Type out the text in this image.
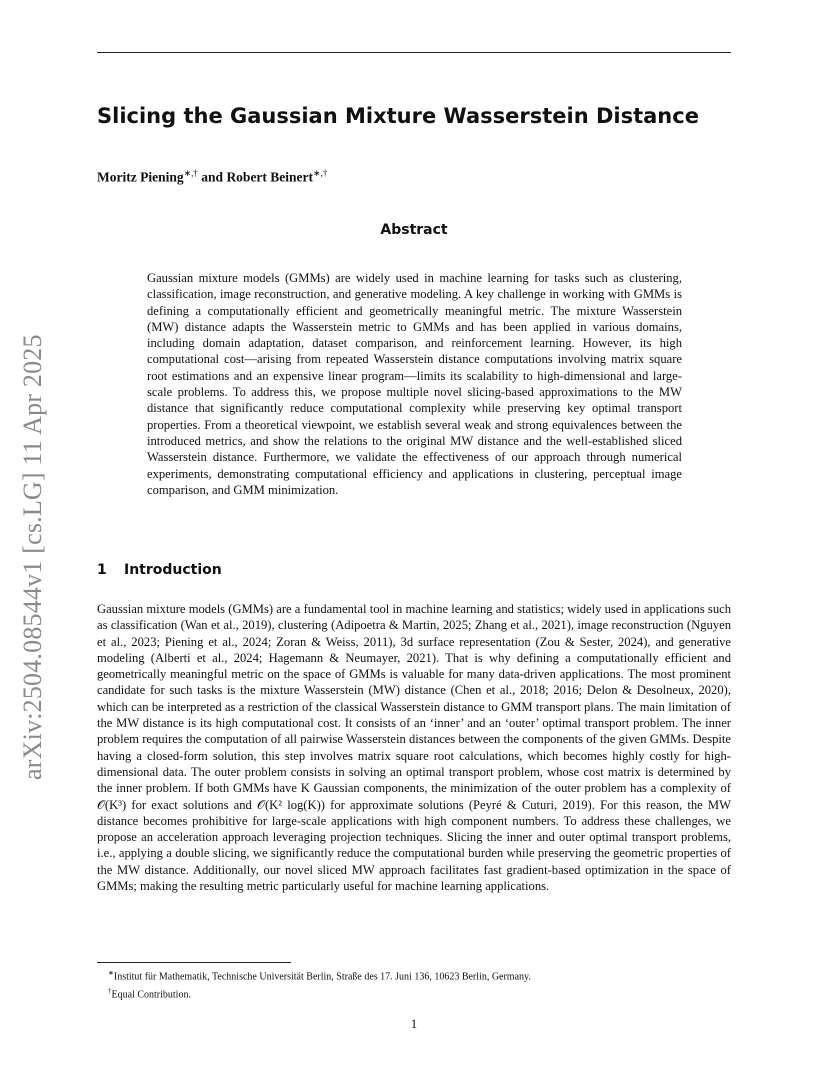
arXiv:2504.08544v1 [cs.LG] 11 Apr 2025
Slicing the Gaussian Mixture Wasserstein Distance
Moritz Piening∗,† and Robert Beinert∗,†
Abstract
Gaussian mixture models (GMMs) are widely used in machine learning for tasks such as clustering, classification, image reconstruction, and generative modeling. A key challenge in working with GMMs is defining a computationally efficient and geometrically meaningful metric. The mixture Wasserstein (MW) distance adapts the Wasserstein metric to GMMs and has been applied in various domains, including domain adaptation, dataset comparison, and reinforcement learning. However, its high computational cost—arising from repeated Wasserstein distance computations involving matrix square root estimations and an expensive linear program—limits its scalability to high-dimensional and large-scale problems. To address this, we propose multiple novel slicing-based approximations to the MW distance that significantly reduce computational complexity while preserving key optimal transport properties. From a theoretical viewpoint, we establish several weak and strong equivalences between the introduced metrics, and show the relations to the original MW distance and the well-established sliced Wasserstein distance. Furthermore, we validate the effectiveness of our approach through numerical experiments, demonstrating computational efficiency and applications in clustering, perceptual image comparison, and GMM minimization.
1 Introduction
Gaussian mixture models (GMMs) are a fundamental tool in machine learning and statistics; widely used in applications such as classification (Wan et al., 2019), clustering (Adipoetra & Martin, 2025; Zhang et al., 2021), image reconstruction (Nguyen et al., 2023; Piening et al., 2024; Zoran & Weiss, 2011), 3d surface representation (Zou & Sester, 2024), and generative modeling (Alberti et al., 2024; Hagemann & Neumayer, 2021). That is why defining a computationally efficient and geometrically meaningful metric on the space of GMMs is valuable for many data-driven applications. The most prominent candidate for such tasks is the mixture Wasserstein (MW) distance (Chen et al., 2018; 2016; Delon & Desolneux, 2020), which can be interpreted as a restriction of the classical Wasserstein distance to GMM transport plans. The main limitation of the MW distance is its high computational cost. It consists of an ‘inner’ and an ‘outer’ optimal transport problem. The inner problem requires the computation of all pairwise Wasserstein distances between the components of the given GMMs. Despite having a closed-form solution, this step involves matrix square root calculations, which becomes highly costly for high-dimensional data. The outer problem consists in solving an optimal transport problem, whose cost matrix is determined by the inner problem. If both GMMs have K Gaussian components, the minimization of the outer problem has a complexity of 𝒪(K³) for exact solutions and 𝒪(K² log(K)) for approximate solutions (Peyré & Cuturi, 2019). For this reason, the MW distance becomes prohibitive for large-scale applications with high component numbers. To address these challenges, we propose an acceleration approach leveraging projection techniques. Slicing the inner and outer optimal transport problems, i.e., applying a double slicing, we significantly reduce the computational burden while preserving the geometric properties of the MW distance. Additionally, our novel sliced MW approach facilitates fast gradient-based optimization in the space of GMMs; making the resulting metric particularly useful for machine learning applications.
∗Institut für Mathematik, Technische Universität Berlin, Straße des 17. Juni 136, 10623 Berlin, Germany.
†Equal Contribution.
1
